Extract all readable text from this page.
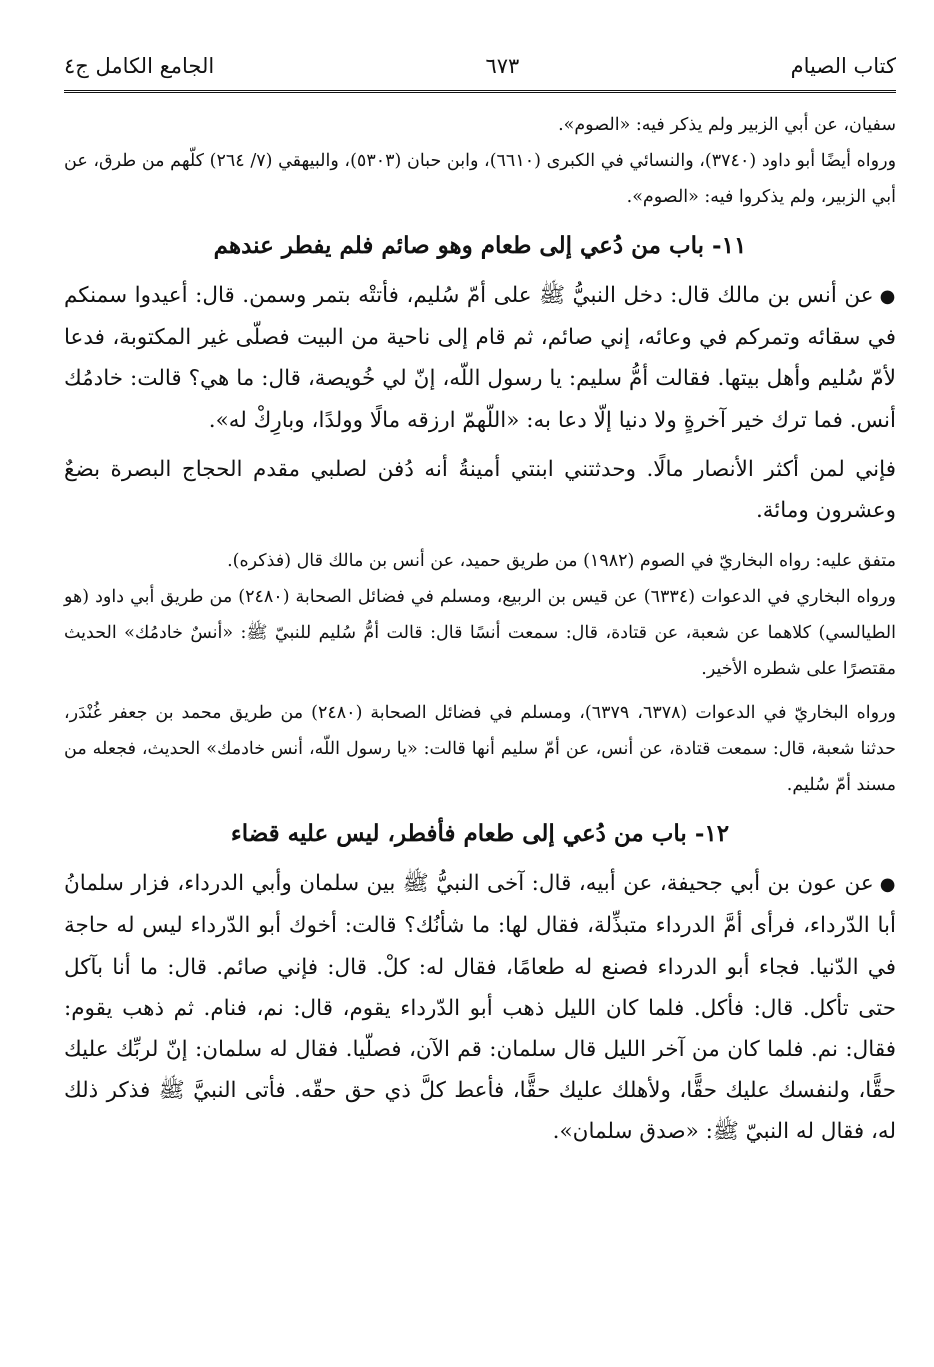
كتاب الصيام
٦٧٣
الجامع الكامل ج٤

سفيان، عن أبي الزبير ولم يذكر فيه: «الصوم».

ورواه أيضًا أبو داود (٣٧٤٠)، والنسائي في الكبرى (٦٦١٠)، وابن حبان (٥٣٠٣)، والبيهقي (٧/ ٢٦٤) كلّهم من طرق، عن أبي الزبير، ولم يذكروا فيه: «الصوم».

١١- باب من دُعي إلى طعام وهو صائم فلم يفطر عندهم

●عن أنس بن مالك قال: دخل النبيُّ ﷺ على أمّ سُليم، فأتتْه بتمر وسمن. قال: أعيدوا سمنكم في سقائه وتمركم في وعائه، إني صائم، ثم قام إلى ناحية من البيت فصلّى غير المكتوبة، فدعا لأمّ سُليم وأهل بيتها. فقالت أمُّ سليم: يا رسول اللّه، إنّ لي خُويصة، قال: ما هي؟ قالت: خادمُك أنس. فما ترك خير آخرةٍ ولا دنيا إلّا دعا به: «اللّهمّ ارزقه مالًا وولدًا، وبارِكْ له».

فإني لمن أكثر الأنصار مالًا. وحدثتني ابنتي أمينةُ أنه دُفن لصلبي مقدم الحجاج البصرة بضعٌ وعشرون ومائة.

متفق عليه: رواه البخاريّ في الصوم (١٩٨٢) من طريق حميد، عن أنس بن مالك قال (فذكره).

ورواه البخاري في الدعوات (٦٣٣٤) عن قيس بن الربيع، ومسلم في فضائل الصحابة (٢٤٨٠) من طريق أبي داود (هو الطيالسي) كلاهما عن شعبة، عن قتادة، قال: سمعت أنسًا قال: قالت أمُّ سُليم للنبيّ ﷺ: «أنسٌ خادمُك» الحديث مقتصرًا على شطره الأخير.

ورواه البخاريّ في الدعوات (٦٣٧٨، ٦٣٧٩)، ومسلم في فضائل الصحابة (٢٤٨٠) من طريق محمد بن جعفر غُنْدَر، حدثنا شعبة، قال: سمعت قتادة، عن أنس، عن أمّ سليم أنها قالت: «يا رسول اللّه، أنس خادمك» الحديث، فجعله من مسند أمّ سُليم.

١٢- باب من دُعي إلى طعام فأفطر، ليس عليه قضاء

●عن عون بن أبي جحيفة، عن أبيه، قال: آخى النبيُّ ﷺ بين سلمان وأبي الدرداء، فزار سلمانُ أبا الدّرداء، فرأى أمَّ الدرداء متبذِّلة، فقال لها: ما شأنُك؟ قالت: أخوك أبو الدّرداء ليس له حاجة في الدّنيا. فجاء أبو الدرداء فصنع له طعامًا، فقال له: كلْ. قال: فإني صائم. قال: ما أنا بآكل حتى تأكل. قال: فأكل. فلما كان الليل ذهب أبو الدّرداء يقوم، قال: نم، فنام. ثم ذهب يقوم: فقال: نم. فلما كان من آخر الليل قال سلمان: قم الآن، فصلّيا. فقال له سلمان: إنّ لربِّك عليك حقًّا، ولنفسك عليك حقًّا، ولأهلك عليك حقًّا، فأعط كلَّ ذي حق حقّه. فأتى النبيَّ ﷺ فذكر ذلك له، فقال له النبيّ ﷺ: «صدق سلمان».
